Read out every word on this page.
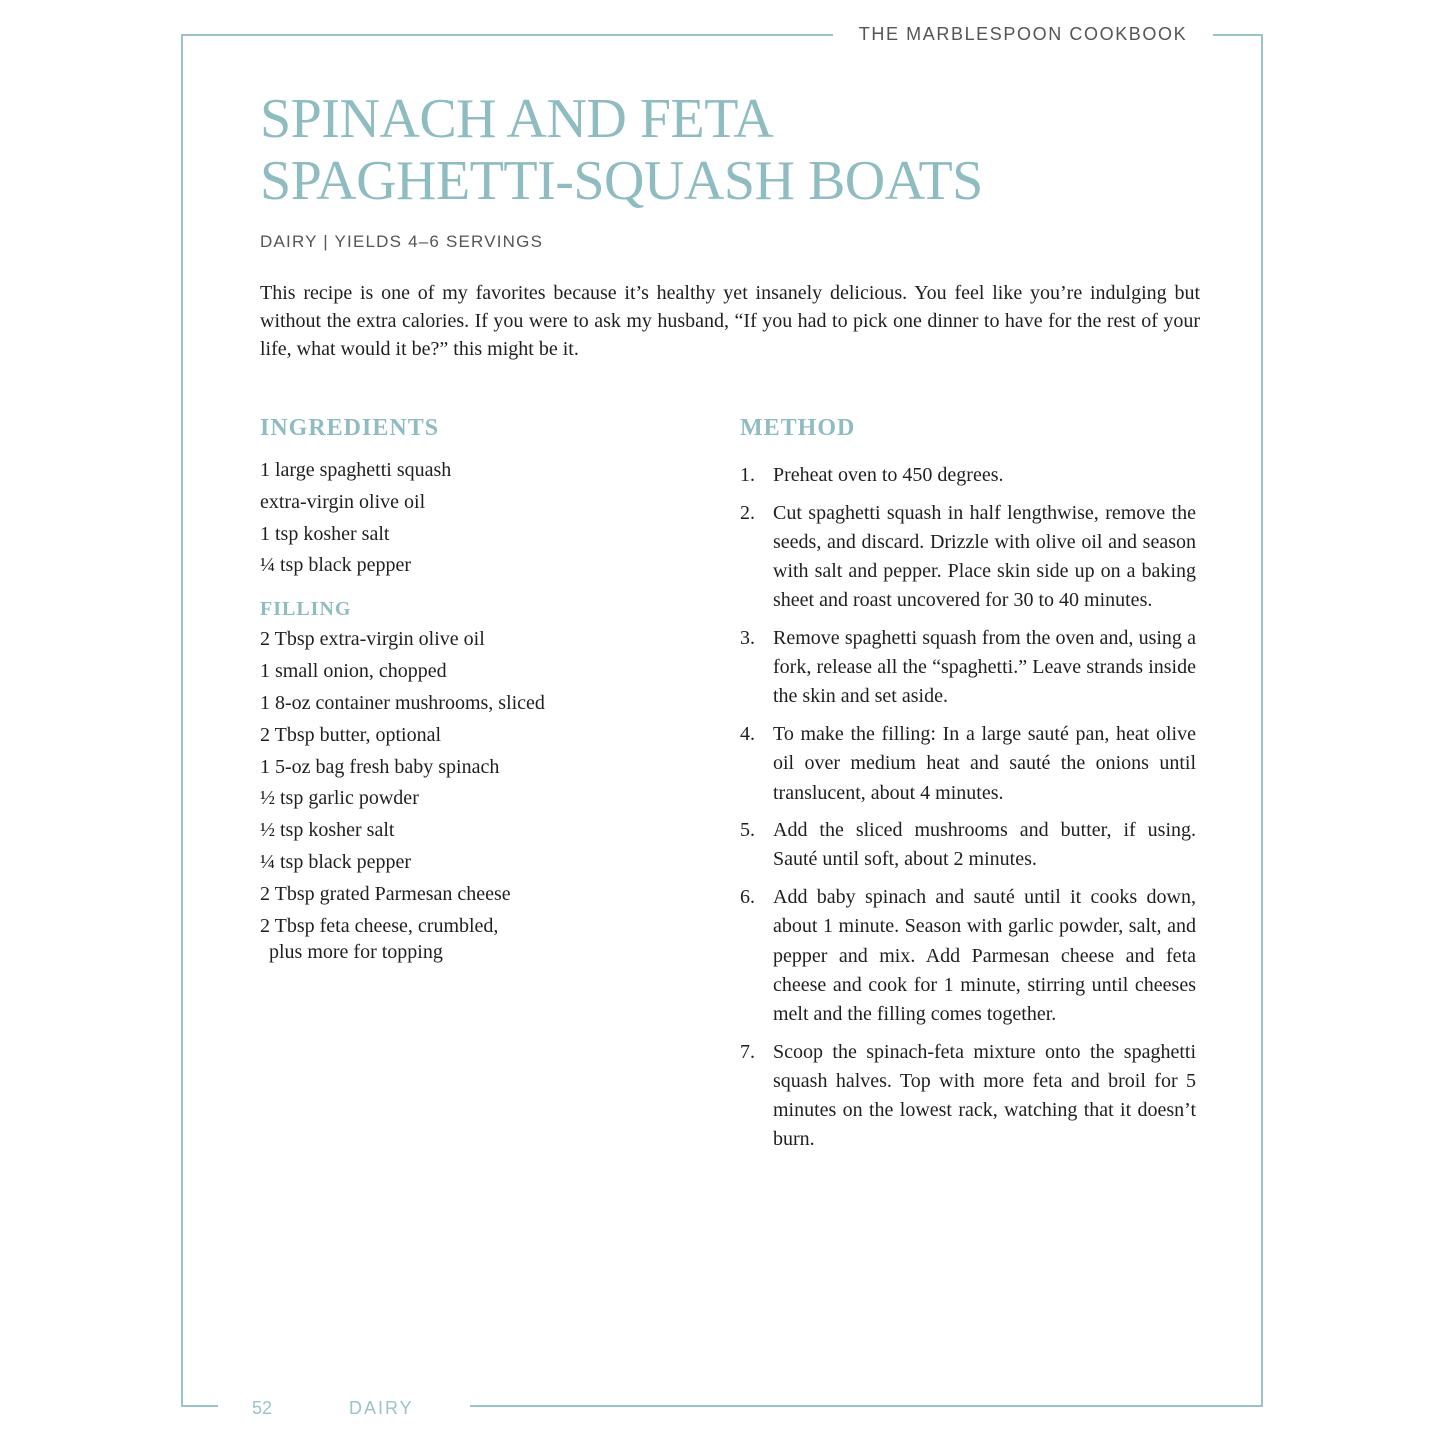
THE MARBLESPOON COOKBOOK
SPINACH AND FETA
SPAGHETTI-SQUASH BOATS
DAIRY | YIELDS 4–6 SERVINGS

This recipe is one of my favorites because it’s healthy yet insanely delicious. You feel like you’re indulging but without the extra calories. If you were to ask my husband, “If you had to pick one dinner to have for the rest of your life, what would it be?” this might be it.

INGREDIENTS
1 large spaghetti squash
extra-virgin olive oil
1 tsp kosher salt
¼ tsp black pepper
FILLING
2 Tbsp extra-virgin olive oil
1 small onion, chopped
1 8-oz container mushrooms, sliced
2 Tbsp butter, optional
1 5-oz bag fresh baby spinach
½ tsp garlic powder
½ tsp kosher salt
¼ tsp black pepper
2 Tbsp grated Parmesan cheese
2 Tbsp feta cheese, crumbled,
plus more for topping
METHOD
1. Preheat oven to 450 degrees.
2. Cut spaghetti squash in half lengthwise, remove the seeds, and discard. Drizzle with olive oil and season with salt and pepper. Place skin side up on a baking sheet and roast uncovered for 30 to 40 minutes.
3. Remove spaghetti squash from the oven and, using a fork, release all the “spaghetti.” Leave strands inside the skin and set aside.
4. To make the filling: In a large sauté pan, heat olive oil over medium heat and sauté the onions until translucent, about 4 minutes.
5. Add the sliced mushrooms and butter, if using. Sauté until soft, about 2 minutes.
6. Add baby spinach and sauté until it cooks down, about 1 minute. Season with garlic powder, salt, and pepper and mix. Add Parmesan cheese and feta cheese and cook for 1 minute, stirring until cheeses melt and the filling comes together.
7. Scoop the spinach-feta mixture onto the spaghetti squash halves. Top with more feta and broil for 5 minutes on the lowest rack, watching that it doesn’t burn.
52	DAIRY
